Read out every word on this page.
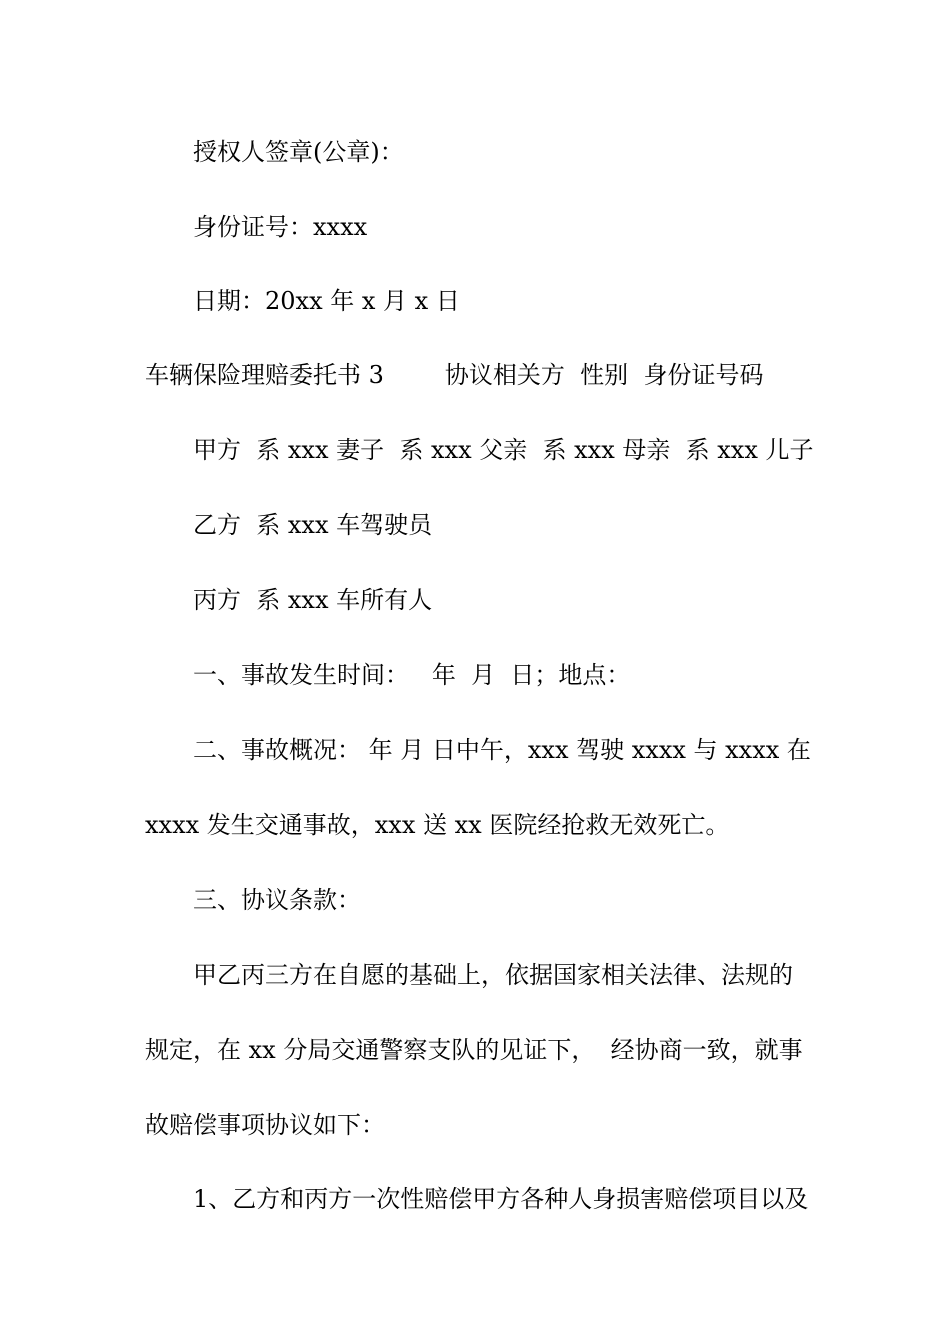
授权人签章(公章)：
身份证号：xxxx
日期：20xx 年 x 月 x 日
车辆保险理赔委托书 3        协议相关方  性别  身份证号码
甲方  系 xxx 妻子  系 xxx 父亲  系 xxx 母亲  系 xxx 儿子
乙方  系 xxx 车驾驶员
丙方  系 xxx 车所有人
一、事故发生时间：   年  月  日；地点：
二、事故概况： 年 月 日中午，xxx 驾驶 xxxx 与 xxxx 在
xxxx 发生交通事故，xxx 送 xx 医院经抢救无效死亡。
三、协议条款：
甲乙丙三方在自愿的基础上，依据国家相关法律、法规的
规定，在 xx 分局交通警察支队的见证下，  经协商一致，就事
故赔偿事项协议如下：
1、乙方和丙方一次性赔偿甲方各种人身损害赔偿项目以及
